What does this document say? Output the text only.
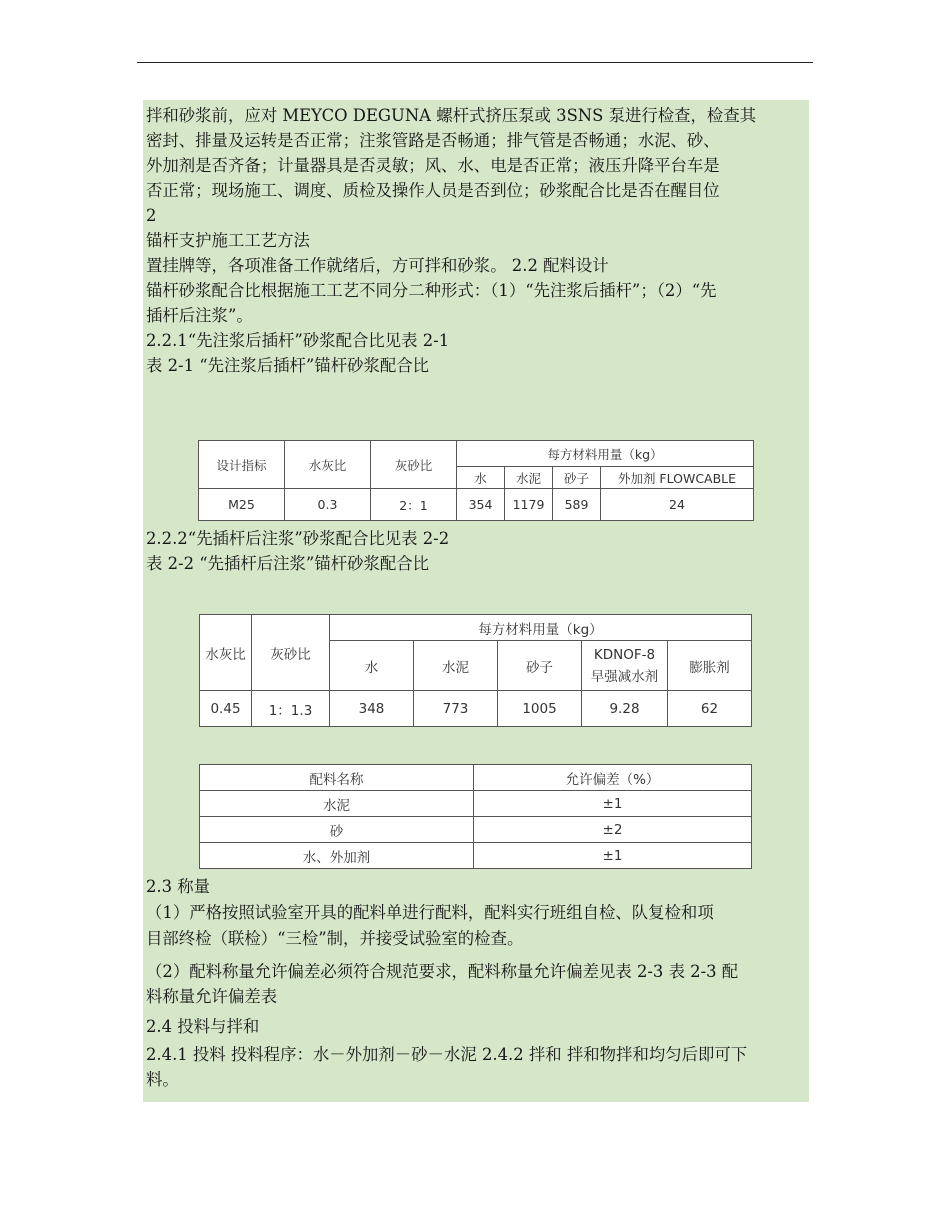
拌和砂浆前，应对 MEYCO DEGUNA 螺杆式挤压泵或 3SNS 泵进行检查，检查其
密封、排量及运转是否正常；注浆管路是否畅通；排气管是否畅通；水泥、砂、
外加剂是否齐备；计量器具是否灵敏；风、水、电是否正常；液压升降平台车是
否正常；现场施工、调度、质检及操作人员是否到位；砂浆配合比是否在醒目位
2
锚杆支护施工工艺方法
置挂牌等，各项准备工作就绪后，方可拌和砂浆。 2.2 配料设计
锚杆砂浆配合比根据施工工艺不同分二种形式：（1）“先注浆后插杆”；（2）“先
插杆后注浆”。
2.2.1“先注浆后插杆”砂浆配合比见表 2-1
表 2-1 “先注浆后插杆”锚杆砂浆配合比
2.2.2“先插杆后注浆”砂浆配合比见表 2-2
表 2-2 “先插杆后注浆”锚杆砂浆配合比
2.3 称量
（1）严格按照试验室开具的配料单进行配料，配料实行班组自检、队复检和项
目部终检（联检）“三检”制，并接受试验室的检查。
（2）配料称量允许偏差必须符合规范要求，配料称量允许偏差见表 2-3 表 2-3 配
料称量允许偏差表
2.4 投料与拌和
2.4.1 投料 投料程序：水－外加剂－砂－水泥 2.4.2 拌和 拌和物拌和均匀后即可下
料。
设计指标	水灰比	灰砂比	每方材料用量（kg）			
			水	水泥	砂子	外加剂 FLOWCABLE
M25	0.3	2：1	354	1179	589	24
水灰比	灰砂比	每方材料用量（kg）				
		水	水泥	砂子	KDNOF-8 早强减水剂	膨胀剂
0.45	1：1.3	348	773	1005	9.28	62
配料名称	允许偏差（%）
水泥	±1
砂	±2
水、外加剂	±1
